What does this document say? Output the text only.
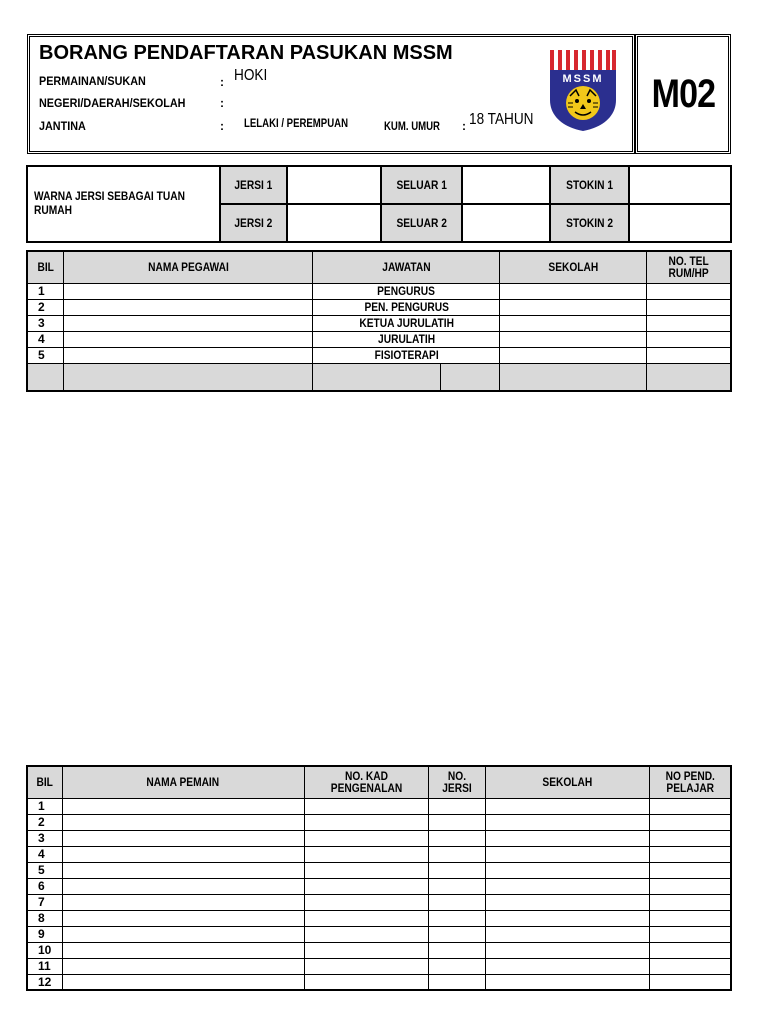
BORANG PENDAFTARAN PASUKAN MSSM
PERMAINAN/SUKAN	: HOKI
NEGERI/DAERAH/SEKOLAH	:
JANTINA	: LELAKI / PEREMPUAN	KUM. UMUR : 18 TAHUN
MSSM M02
WARNA JERSI SEBAGAI TUAN RUMAH	JERSI 1		SELUAR 1		STOKIN 1	
	JERSI 2		SELUAR 2		STOKIN 2	
BIL	NAMA PEGAWAI	JAWATAN		SEKOLAH	NO. TEL RUM/HP
1		PENGURUS			
2		PEN. PENGURUS			
3		KETUA JURULATIH			
4		JURULATIH			
5		FISIOTERAPI			

BIL	NAMA PEMAIN	NO. KAD PENGENALAN	NO. JERSI	SEKOLAH	NO PEND. PELAJAR
1					
2					
3					
4					
5					
6					
7					
8					
9					
10					
11					
12					
